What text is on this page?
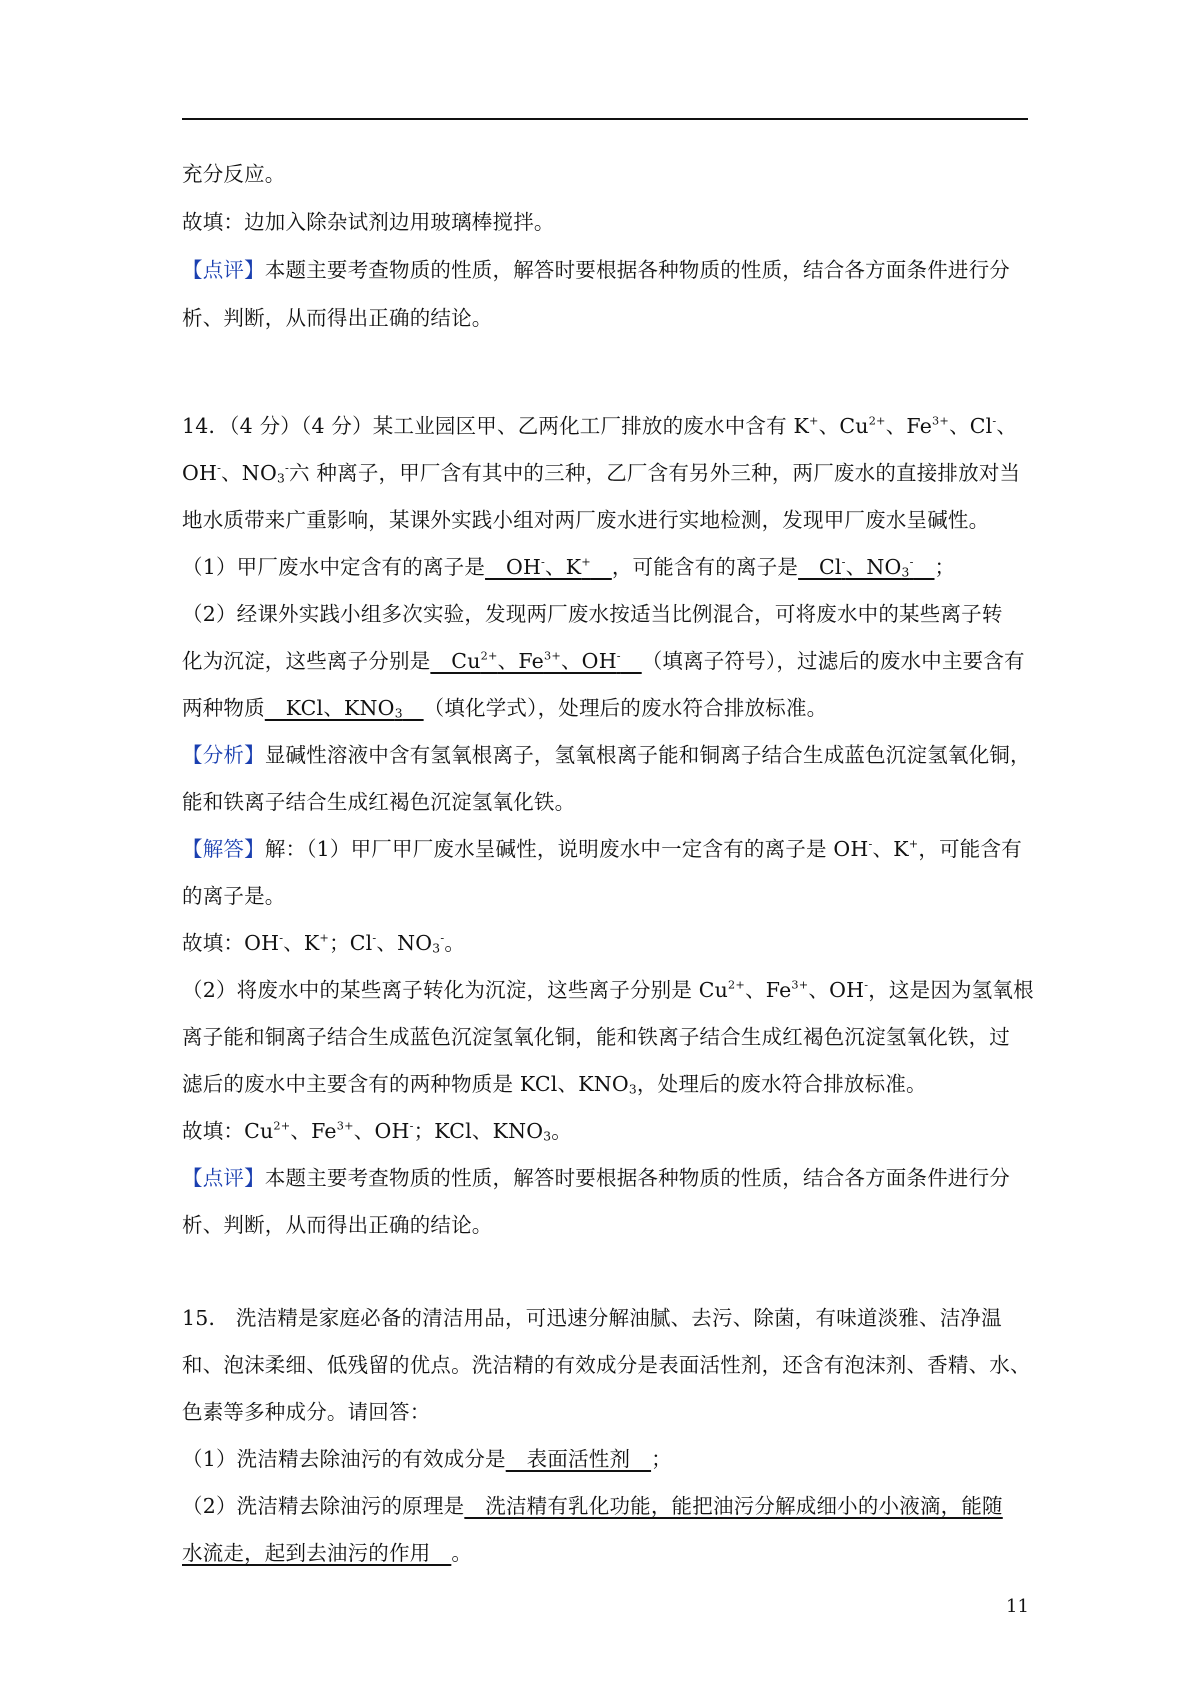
充分反应。
故填：边加入除杂试剂边用玻璃棒搅拌。
【点评】本题主要考查物质的性质，解答时要根据各种物质的性质，结合各方面条件进行分
析、判断，从而得出正确的结论。
14．（4 分）（4 分）某工业园区甲、乙两化工厂排放的废水中含有 K+、$Cu^{2+}$、$Fe^{3+}$、Cl-、
OH-、$NO_3^-$六 种离子，甲厂含有其中的三种，乙厂含有另外三种，两厂废水的直接排放对当
地水质带来广重影响，某课外实践小组对两厂废水进行实地检测，发现甲厂废水呈碱性。
（1）甲厂废水中定含有的离子是__OH-、K+__，可能含有的离子是__Cl-、$NO_3^-\_\_$；
（2）经课外实践小组多次实验，发现两厂废水按适当比例混合，可将废水中的某些离子转
化为沉淀，这些离子分别是$\_\_Cu^{2+}$、$Fe^{3+}$、OH-__（填离子符号），过滤后的废水中主要含有
两种物质__KCl、$KNO_3\_\_$（填化学式），处理后的废水符合排放标准。
【分析】显碱性溶液中含有氢氧根离子，氢氧根离子能和铜离子结合生成蓝色沉淀氢氧化铜，
能和铁离子结合生成红褐色沉淀氢氧化铁。
【解答】解：（1）甲厂甲厂废水呈碱性，说明废水中一定含有的离子是 OH-、K+，可能含有
的离子是。
故填：OH-、K+；Cl-、$NO_3^-$。
（2）将废水中的某些离子转化为沉淀，这些离子分别是 $Cu^{2+}$、$Fe^{3+}$、OH-，这是因为氢氧根
离子能和铜离子结合生成蓝色沉淀氢氧化铜，能和铁离子结合生成红褐色沉淀氢氧化铁，过
滤后的废水中主要含有的两种物质是 KCl、$KNO_3$，处理后的废水符合排放标准。
故填：$Cu^{2+}$、$Fe^{3+}$、OH-；KCl、$KNO_3$。
【点评】本题主要考查物质的性质，解答时要根据各种物质的性质，结合各方面条件进行分
析、判断，从而得出正确的结论。
15． 洗洁精是家庭必备的清洁用品，可迅速分解油腻、去污、除菌，有味道淡雅、洁净温
和、泡沫柔细、低残留的优点。洗洁精的有效成分是表面活性剂，还含有泡沫剂、香精、水、
色素等多种成分。请回答：
（1）洗洁精去除油污的有效成分是__表面活性剂__；
（2）洗洁精去除油污的原理是__洗洁精有乳化功能，能把油污分解成细小的小液滴，能随
水流走，起到去油污的作用__。
11
